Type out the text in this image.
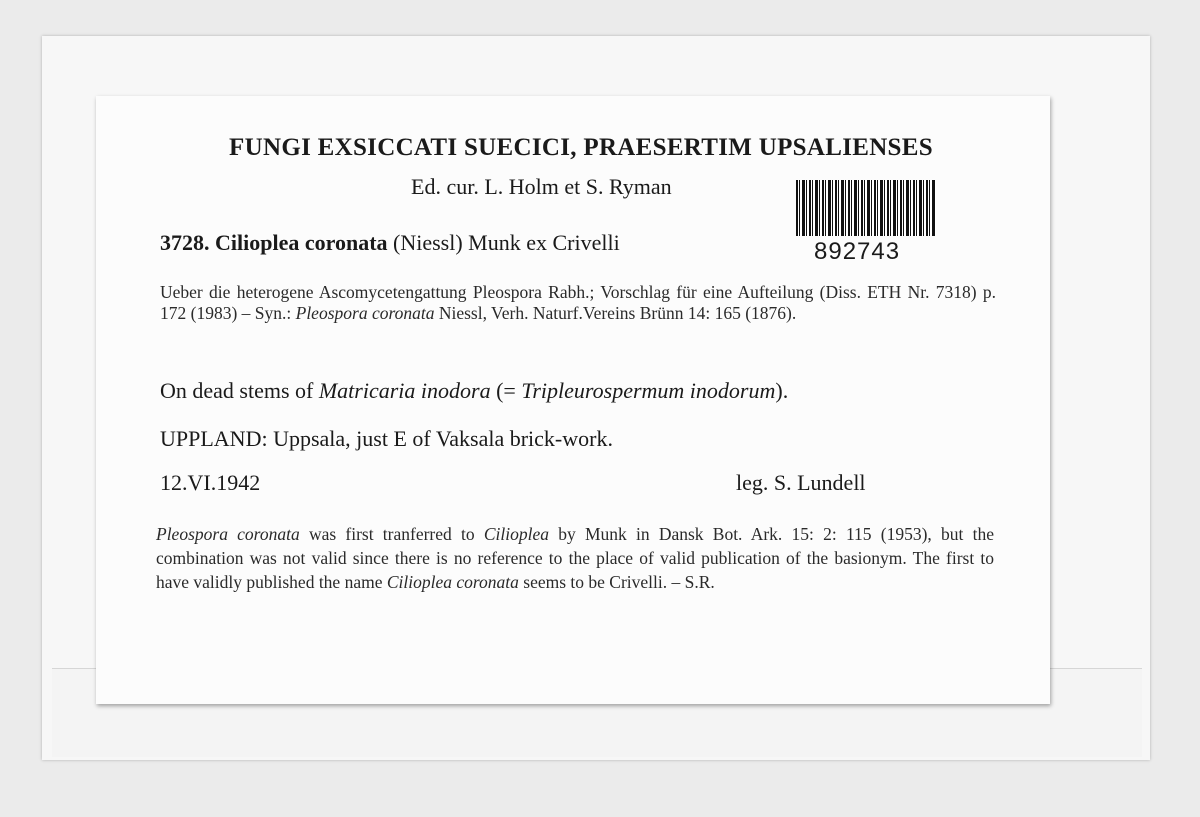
FUNGI EXSICCATI SUECICI, PRAESERTIM UPSALIENSES
Ed. cur. L. Holm et S. Ryman
892743
3728. Cilioplea coronata (Niessl) Munk ex Crivelli
Ueber die heterogene Ascomycetengattung Pleospora Rabh.; Vorschlag für eine Aufteilung (Diss. ETH Nr. 7318) p. 172 (1983) – Syn.: Pleospora coronata Niessl, Verh. Naturf.Vereins Brünn 14: 165 (1876).
On dead stems of Matricaria inodora (= Tripleurospermum inodorum).
UPPLAND: Uppsala, just E of Vaksala brick-work.
12.VI.1942	leg. S. Lundell
Pleospora coronata was first tranferred to Cilioplea by Munk in Dansk Bot. Ark. 15: 2: 115 (1953), but the combination was not valid since there is no reference to the place of valid publication of the basionym. The first to have validly published the name Cilioplea coronata seems to be Crivelli. – S.R.
